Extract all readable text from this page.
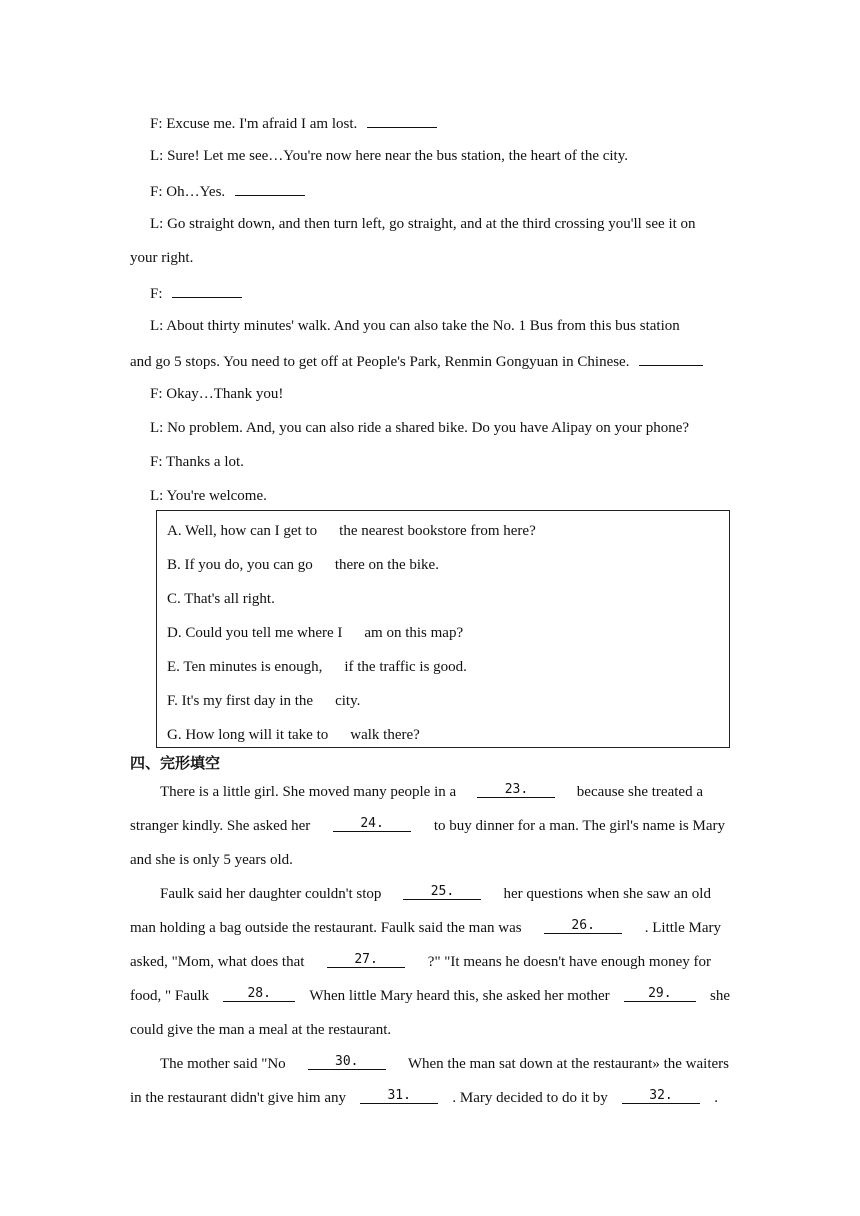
F: Excuse me. I'm afraid I am lost.
L: Sure! Let me see…You're now here near the bus station, the heart of the city.
F: Oh…Yes.
L: Go straight down, and then turn left, go straight, and at the third crossing you'll see it on
your right.
F:
L: About thirty minutes' walk. And you can also take the No. 1 Bus from this bus station
and go 5 stops. You need to get off at People's Park, Renmin Gongyuan in Chinese.
F: Okay…Thank you!
L: No problem. And, you can also ride a shared bike. Do you have Alipay on your phone?
F: Thanks a lot.
L: You're welcome.
A. Well, how can I get to the nearest bookstore from here?
B. If you do, you can go there on the bike.
C. That's all right.
D. Could you tell me where I am on this map?
E. Ten minutes is enough, if the traffic is good.
F. It's my first day in the city.
G. How long will it take to walk there?
四、完形填空
There is a little girl. She moved many people in a	23.	because she treated a
stranger kindly. She asked her	24.	to buy dinner for a man. The girl's name is Mary
and she is only 5 years old.
Faulk said her daughter couldn't stop	25.	her questions when she saw an old
man holding a bag outside the restaurant. Faulk said the man was	26.	. Little Mary
asked, "Mom, what does that	27.	?" "It means he doesn't have enough money for
food, " Faulk	28.	When little Mary heard this, she asked her mother	29.	she
could give the man a meal at the restaurant.
The mother said "No	30.	When the man sat down at the restaurant» the waiters
in the restaurant didn't give him any	31.	. Mary decided to do it by	32.	.
